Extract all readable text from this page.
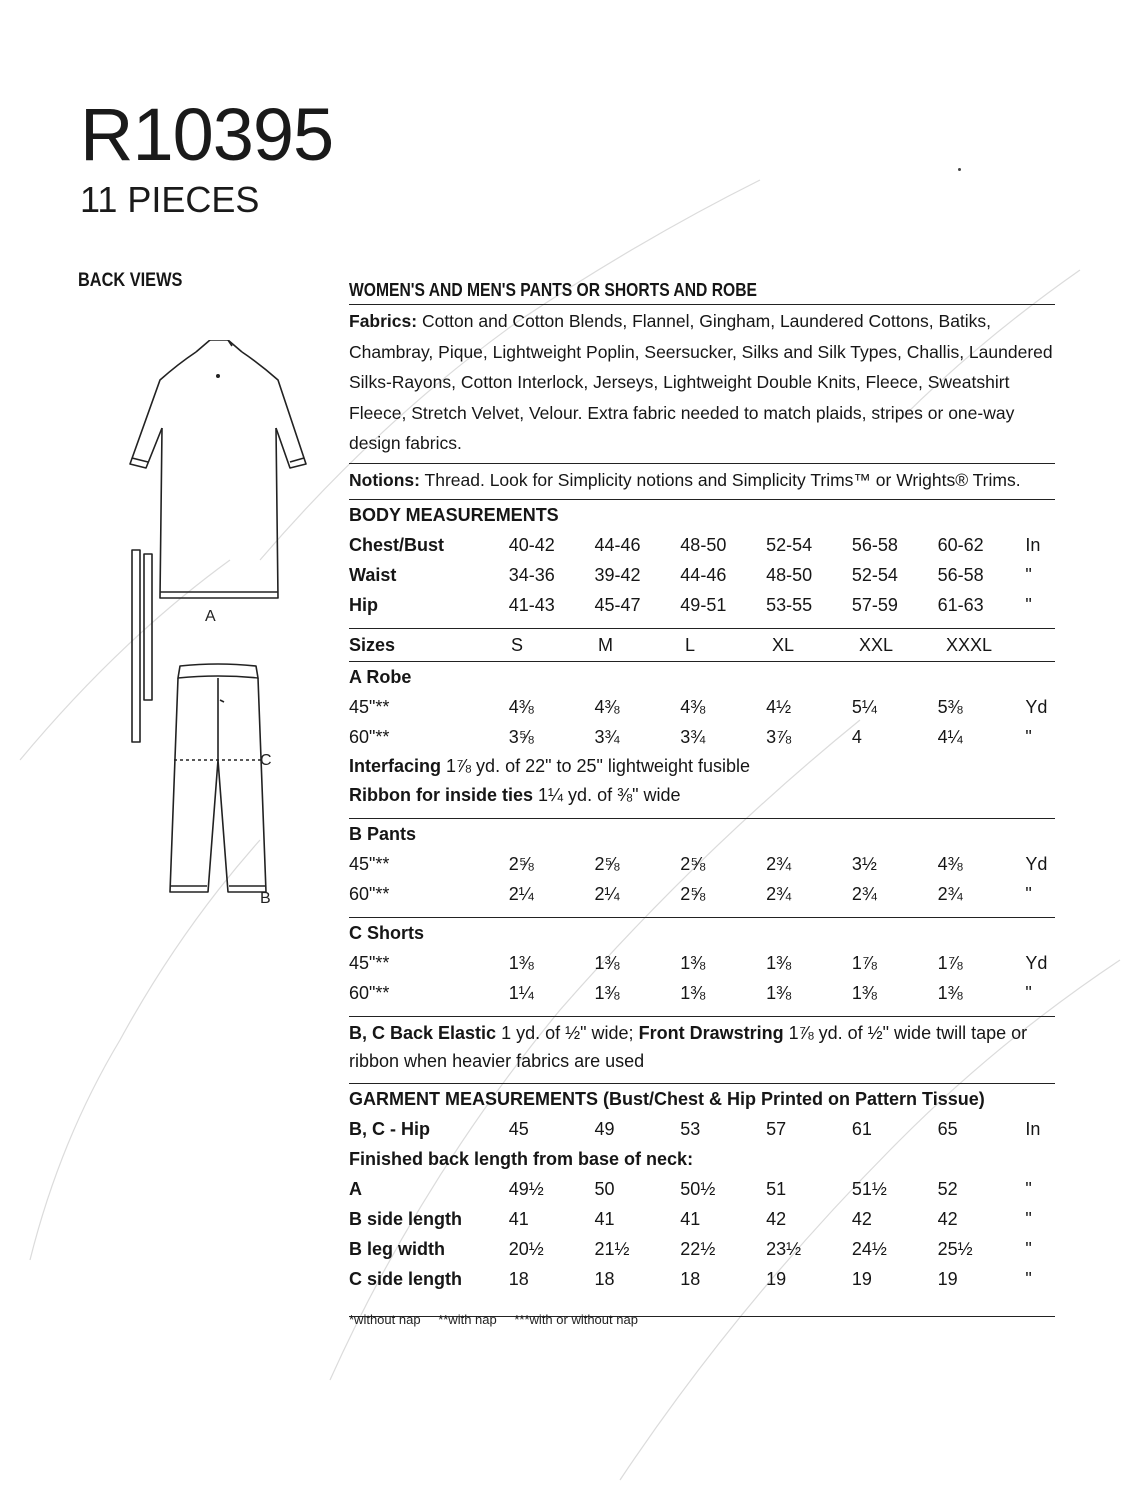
R10395
11 PIECES
BACK VIEWS
A
C
B
WOMEN'S AND MEN'S PANTS OR SHORTS AND ROBE
Fabrics: Cotton and Cotton Blends, Flannel, Gingham, Laundered Cottons, Batiks, Chambray, Pique, Lightweight Poplin, Seersucker, Silks and Silk Types, Challis, Laundered Silks-Rayons, Cotton Interlock, Jerseys, Lightweight Double Knits, Fleece, Sweatshirt Fleece, Stretch Velvet, Velour. Extra fabric needed to match plaids, stripes or one-way design fabrics.
Notions: Thread. Look for Simplicity notions and Simplicity Trims™ or Wrights® Trims.
BODY MEASUREMENTS
Chest/Bust	40-42	44-46	48-50	52-54	56-58	60-62	In
Waist	34-36	39-42	44-46	48-50	52-54	56-58	"
Hip	41-43	45-47	49-51	53-55	57-59	61-63	"
Sizes	S	M	L	XL	XXL	XXXL
A Robe
45"**	4⅜	4⅜	4⅜	4½	5¼	5⅜	Yd
60"**	3⅝	3¾	3¾	3⅞	4	4¼	"
Interfacing 1⅞ yd. of 22" to 25" lightweight fusible
Ribbon for inside ties 1¼ yd. of ⅜" wide
B Pants
45"**	2⅝	2⅝	2⅝	2¾	3½	4⅜	Yd
60"**	2¼	2¼	2⅝	2¾	2¾	2¾	"
C Shorts
45"**	1⅜	1⅜	1⅜	1⅜	1⅞	1⅞	Yd
60"**	1¼	1⅜	1⅜	1⅜	1⅜	1⅜	"
B, C Back Elastic 1 yd. of ½" wide; Front Drawstring 1⅞ yd. of ½" wide twill tape or ribbon when heavier fabrics are used
GARMENT MEASUREMENTS (Bust/Chest & Hip Printed on Pattern Tissue)
B, C - Hip	45	49	53	57	61	65	In
Finished back length from base of neck:
A	49½	50	50½	51	51½	52	"
B side length	41	41	41	42	42	42	"
B leg width	20½	21½	22½	23½	24½	25½	"
C side length	18	18	18	19	19	19	"
*without nap **with nap ***with or without nap
